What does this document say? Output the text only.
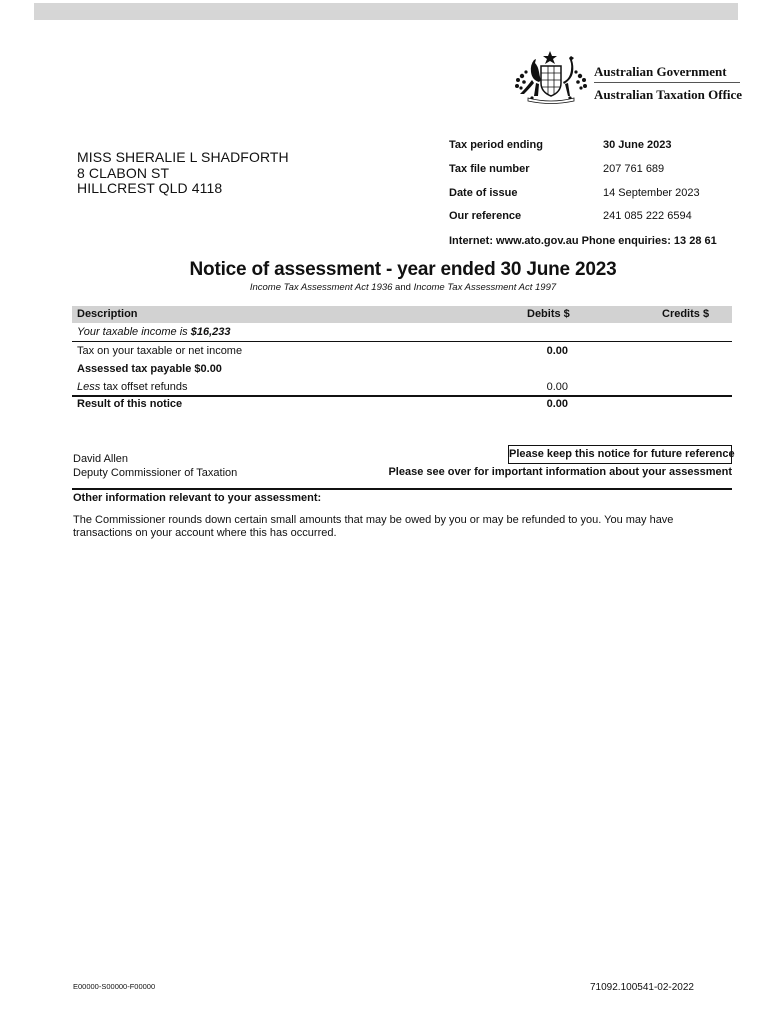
Australian Government
Australian Taxation Office
MISS SHERALIE L SHADFORTH
8 CLABON ST
HILLCREST QLD 4118
Tax period ending	30 June 2023
Tax file number	207 761 689
Date of issue	14 September 2023
Our reference	241 085 222 6594
Internet: www.ato.gov.au Phone enquiries: 13 28 61
Notice of assessment - year ended 30 June 2023
Income Tax Assessment Act 1936 and Income Tax Assessment Act 1997
Description	Debits $	Credits $
Your taxable income is $16,233
Tax on your taxable or net income	0.00
Assessed tax payable $0.00
Less tax offset refunds	0.00
Result of this notice	0.00
David Allen
Deputy Commissioner of Taxation
Please keep this notice for future reference
Please see over for important information about your assessment
Other information relevant to your assessment:
The Commissioner rounds down certain small amounts that may be owed by you or may be refunded to you. You may have transactions on your account where this has occurred.
E00000-S00000-F00000	71092.100541-02-2022
